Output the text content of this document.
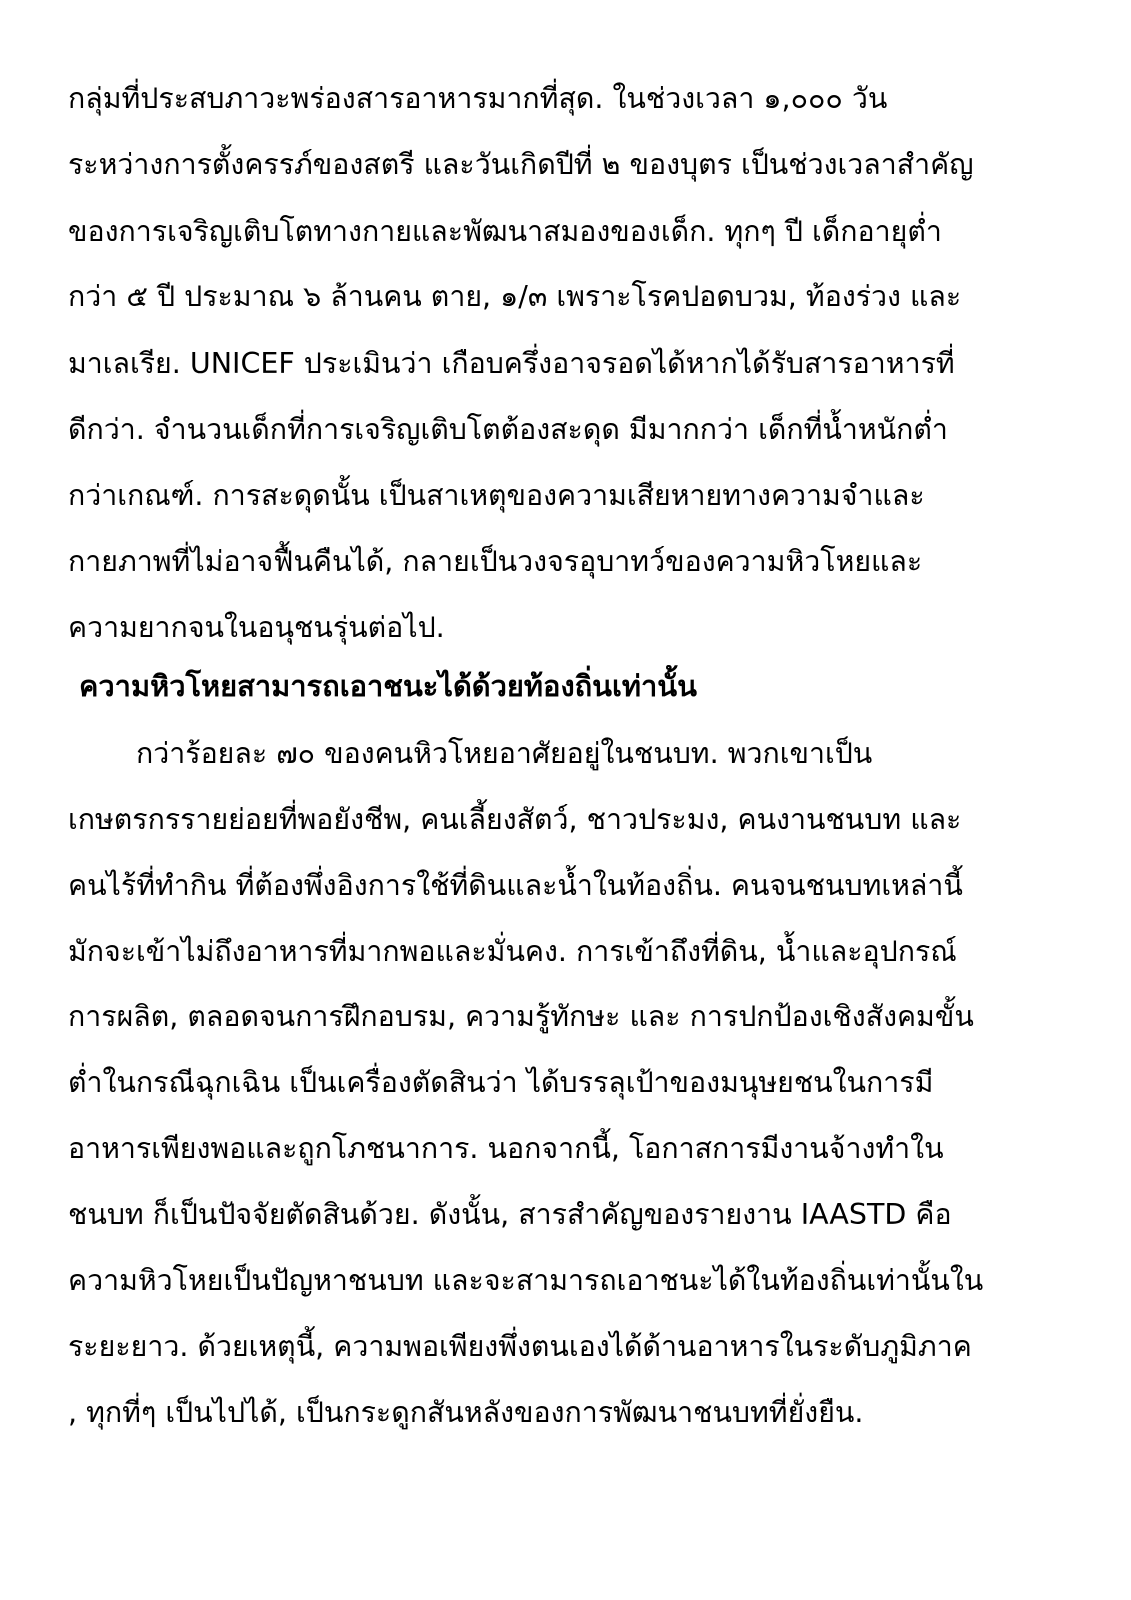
กลุ่มที่ประสบภาวะพร่องสารอาหารมากที่สุด. ในช่วงเวลา ๑,๐๐๐ วัน
ระหว่างการตั้งครรภ์ของสตรี และวันเกิดปีที่ ๒ ของบุตร เป็นช่วงเวลาสำคัญ
ของการเจริญเติบโตทางกายและพัฒนาสมองของเด็ก. ทุกๆ ปี เด็กอายุต่ำ
กว่า ๕ ปี ประมาณ ๖ ล้านคน ตาย, ๑/๓ เพราะโรคปอดบวม, ท้องร่วง และ
มาเลเรีย. UNICEF ประเมินว่า เกือบครึ่งอาจรอดได้หากได้รับสารอาหารที่
ดีกว่า. จำนวนเด็กที่การเจริญเติบโตต้องสะดุด มีมากกว่า เด็กที่น้ำหนักต่ำ
กว่าเกณฑ์. การสะดุดนั้น เป็นสาเหตุของความเสียหายทางความจำและ
กายภาพที่ไม่อาจฟื้นคืนได้, กลายเป็นวงจรอุบาทว์ของความหิวโหยและ
ความยากจนในอนุชนรุ่นต่อไป.
ความหิวโหยสามารถเอาชนะได้ด้วยท้องถิ่นเท่านั้น
กว่าร้อยละ ๗๐ ของคนหิวโหยอาศัยอยู่ในชนบท. พวกเขาเป็น
เกษตรกรรายย่อยที่พอยังชีพ, คนเลี้ยงสัตว์, ชาวประมง, คนงานชนบท และ
คนไร้ที่ทำกิน ที่ต้องพึ่งอิงการใช้ที่ดินและน้ำในท้องถิ่น. คนจนชนบทเหล่านี้
มักจะเข้าไม่ถึงอาหารที่มากพอและมั่นคง. การเข้าถึงที่ดิน, น้ำและอุปกรณ์
การผลิต, ตลอดจนการฝึกอบรม, ความรู้ทักษะ และ การปกป้องเชิงสังคมขั้น
ต่ำในกรณีฉุกเฉิน เป็นเครื่องตัดสินว่า ได้บรรลุเป้าของมนุษยชนในการมี
อาหารเพียงพอและถูกโภชนาการ. นอกจากนี้, โอกาสการมีงานจ้างทำใน
ชนบท ก็เป็นปัจจัยตัดสินด้วย. ดังนั้น, สารสำคัญของรายงาน IAASTD คือ
ความหิวโหยเป็นปัญหาชนบท และจะสามารถเอาชนะได้ในท้องถิ่นเท่านั้นใน
ระยะยาว. ด้วยเหตุนี้, ความพอเพียงพึ่งตนเองได้ด้านอาหารในระดับภูมิภาค
, ทุกที่ๆ เป็นไปได้, เป็นกระดูกสันหลังของการพัฒนาชนบทที่ยั่งยืน.
